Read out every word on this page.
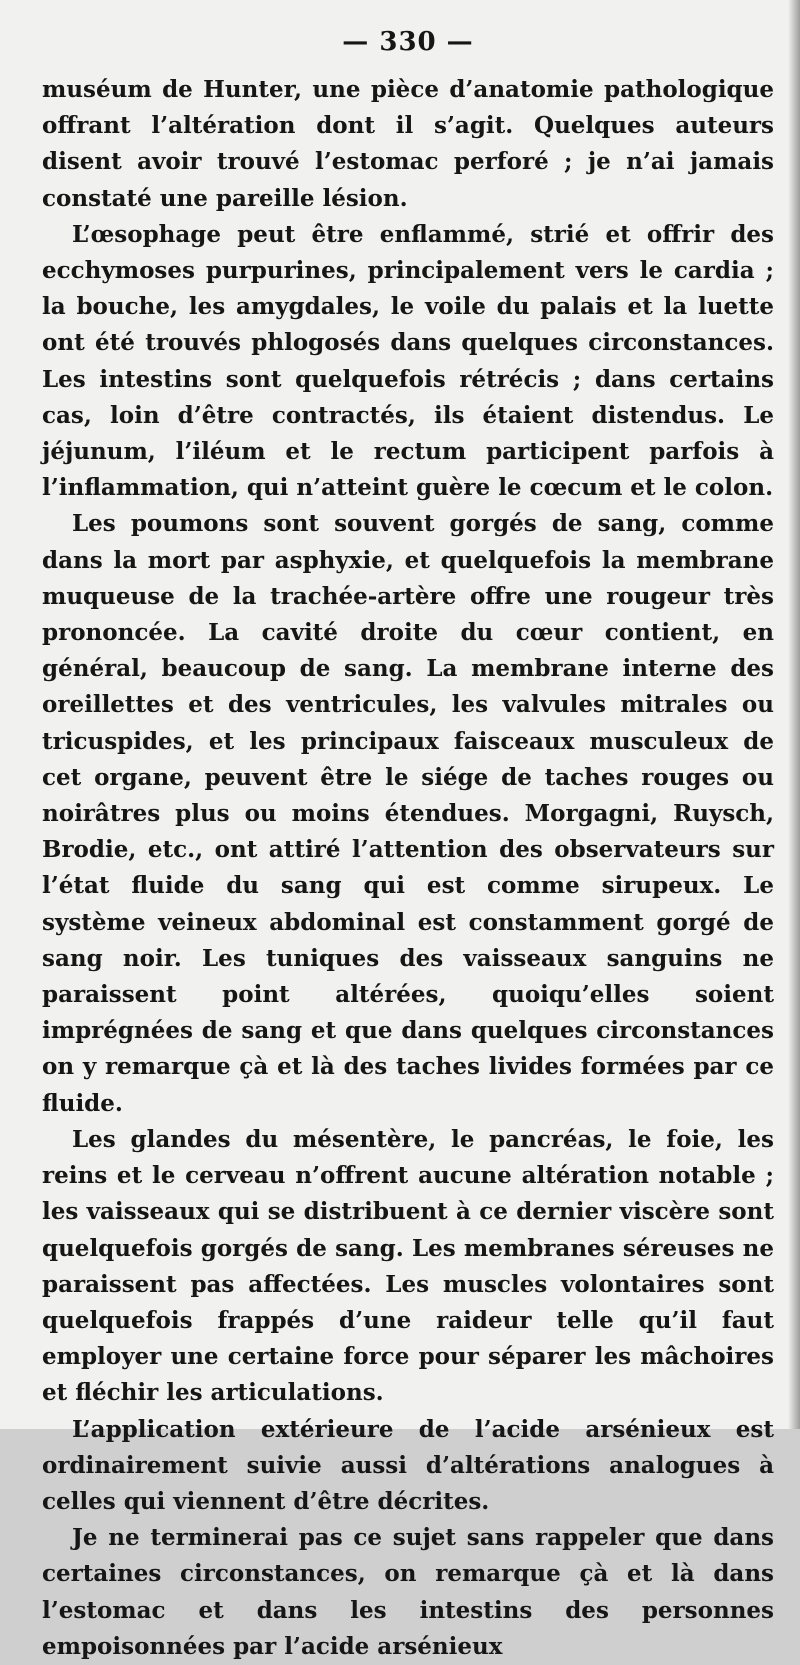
— 330 —

muséum de Hunter, une pièce d’anatomie pathologique offrant l’altération dont il s’agit. Quelques auteurs disent avoir trouvé l’estomac perforé ; je n’ai jamais constaté une pareille lésion.

L’œsophage peut être enflammé, strié et offrir des ecchymoses purpurines, principalement vers le cardia ; la bouche, les amygdales, le voile du palais et la luette ont été trouvés phlogosés dans quelques circonstances. Les intestins sont quelquefois rétrécis ; dans certains cas, loin d’être contractés, ils étaient distendus. Le jéjunum, l’iléum et le rectum participent parfois à l’inflammation, qui n’atteint guère le cœcum et le colon.

Les poumons sont souvent gorgés de sang, comme dans la mort par asphyxie, et quelquefois la membrane muqueuse de la trachée-artère offre une rougeur très prononcée. La cavité droite du cœur contient, en général, beaucoup de sang. La membrane interne des oreillettes et des ventricules, les valvules mitrales ou tricuspides, et les principaux faisceaux musculeux de cet organe, peuvent être le siége de taches rouges ou noirâtres plus ou moins étendues. Morgagni, Ruysch, Brodie, etc., ont attiré l’attention des observateurs sur l’état fluide du sang qui est comme sirupeux. Le système veineux abdominal est constamment gorgé de sang noir. Les tuniques des vaisseaux sanguins ne paraissent point altérées, quoiqu’elles soient imprégnées de sang et que dans quelques circonstances on y remarque çà et là des taches livides formées par ce fluide.

Les glandes du mésentère, le pancréas, le foie, les reins et le cerveau n’offrent aucune altération notable ; les vaisseaux qui se distribuent à ce dernier viscère sont quelquefois gorgés de sang. Les membranes séreuses ne paraissent pas affectées. Les muscles volontaires sont quelquefois frappés d’une raideur telle qu’il faut employer une certaine force pour séparer les mâchoires et fléchir les articulations.

L’application extérieure de l’acide arsénieux est ordinairement suivie aussi d’altérations analogues à celles qui viennent d’être décrites.

Je ne terminerai pas ce sujet sans rappeler que dans certaines circonstances, on remarque çà et là dans l’estomac et dans les intestins des personnes empoisonnées par l’acide arsénieux
